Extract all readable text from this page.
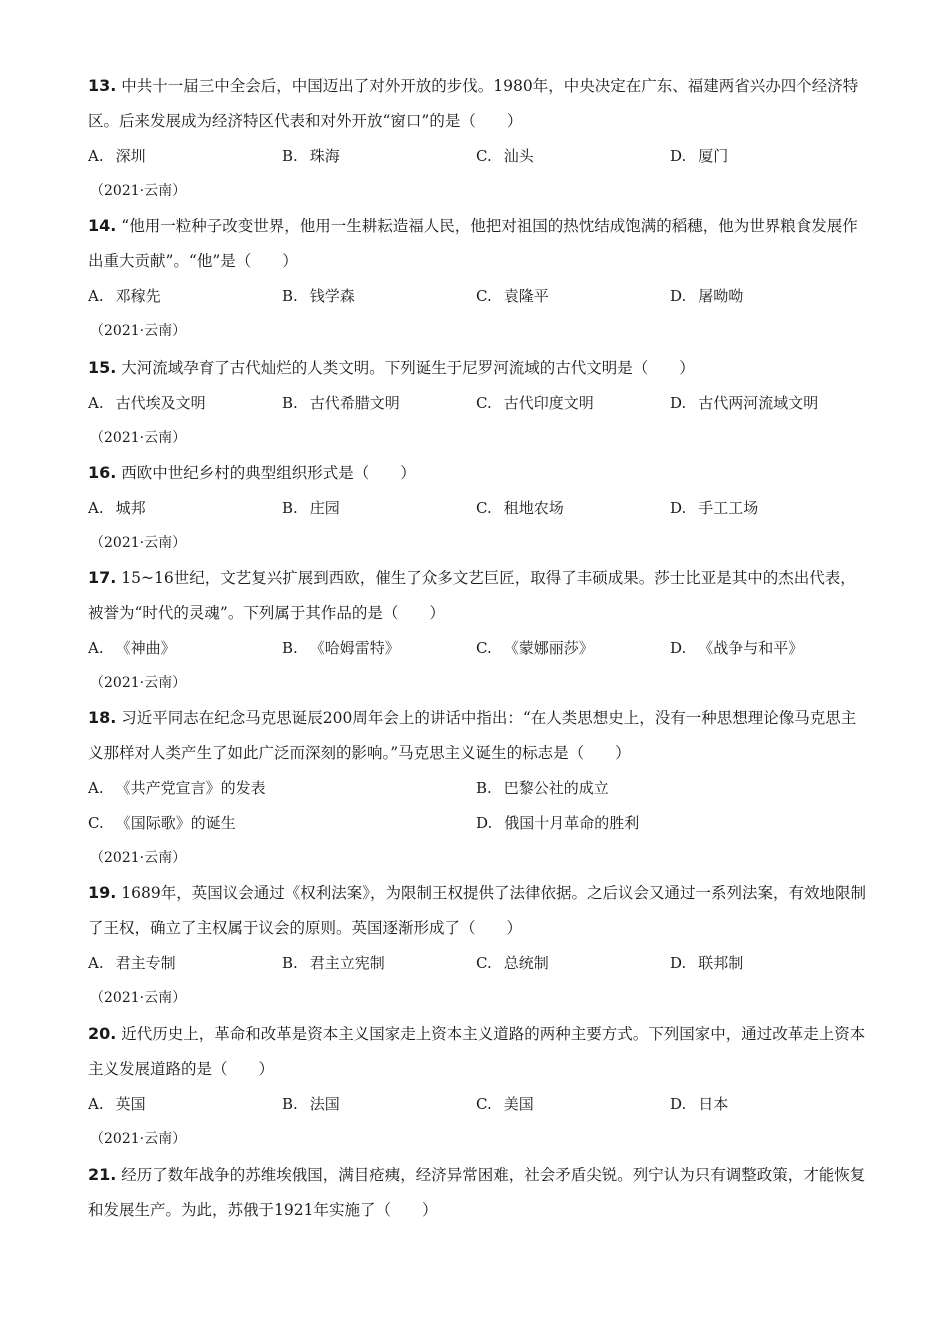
13. 中共十一届三中全会后，中国迈出了对外开放的步伐。1980年，中央决定在广东、福建两省兴办四个经济特区。后来发展成为经济特区代表和对外开放“窗口”的是（　　）

A. 深圳	B. 珠海	C. 汕头	D. 厦门
（2021·云南）

14. “他用一粒种子改变世界，他用一生耕耘造福人民，他把对祖国的热忱结成饱满的稻穗，他为世界粮食发展作出重大贡献”。“他”是（　　）

A. 邓稼先	B. 钱学森	C. 袁隆平	D. 屠呦呦
（2021·云南）

15. 大河流域孕育了古代灿烂的人类文明。下列诞生于尼罗河流域的古代文明是（　　）

A. 古代埃及文明	B. 古代希腊文明	C. 古代印度文明	D. 古代两河流域文明
（2021·云南）

16. 西欧中世纪乡村的典型组织形式是（　　）

A. 城邦	B. 庄园	C. 租地农场	D. 手工工场
（2021·云南）

17. 15~16世纪，文艺复兴扩展到西欧，催生了众多文艺巨匠，取得了丰硕成果。莎士比亚是其中的杰出代表，被誉为“时代的灵魂”。下列属于其作品的是（　　）

A. 《神曲》	B. 《哈姆雷特》	C. 《蒙娜丽莎》	D. 《战争与和平》
（2021·云南）

18. 习近平同志在纪念马克思诞辰200周年会上的讲话中指出：“在人类思想史上，没有一种思想理论像马克思主义那样对人类产生了如此广泛而深刻的影响。”马克思主义诞生的标志是（　　）

A. 《共产党宣言》的发表	B. 巴黎公社的成立
C. 《国际歌》的诞生	D. 俄国十月革命的胜利
（2021·云南）

19. 1689年，英国议会通过《权利法案》，为限制王权提供了法律依据。之后议会又通过一系列法案，有效地限制了王权，确立了主权属于议会的原则。英国逐渐形成了（　　）

A. 君主专制	B. 君主立宪制	C. 总统制	D. 联邦制
（2021·云南）

20. 近代历史上，革命和改革是资本主义国家走上资本主义道路的两种主要方式。下列国家中，通过改革走上资本主义发展道路的是（　　）

A. 英国	B. 法国	C. 美国	D. 日本
（2021·云南）

21. 经历了数年战争的苏维埃俄国，满目疮痍，经济异常困难，社会矛盾尖锐。列宁认为只有调整政策，才能恢复和发展生产。为此，苏俄于1921年实施了（　　）
